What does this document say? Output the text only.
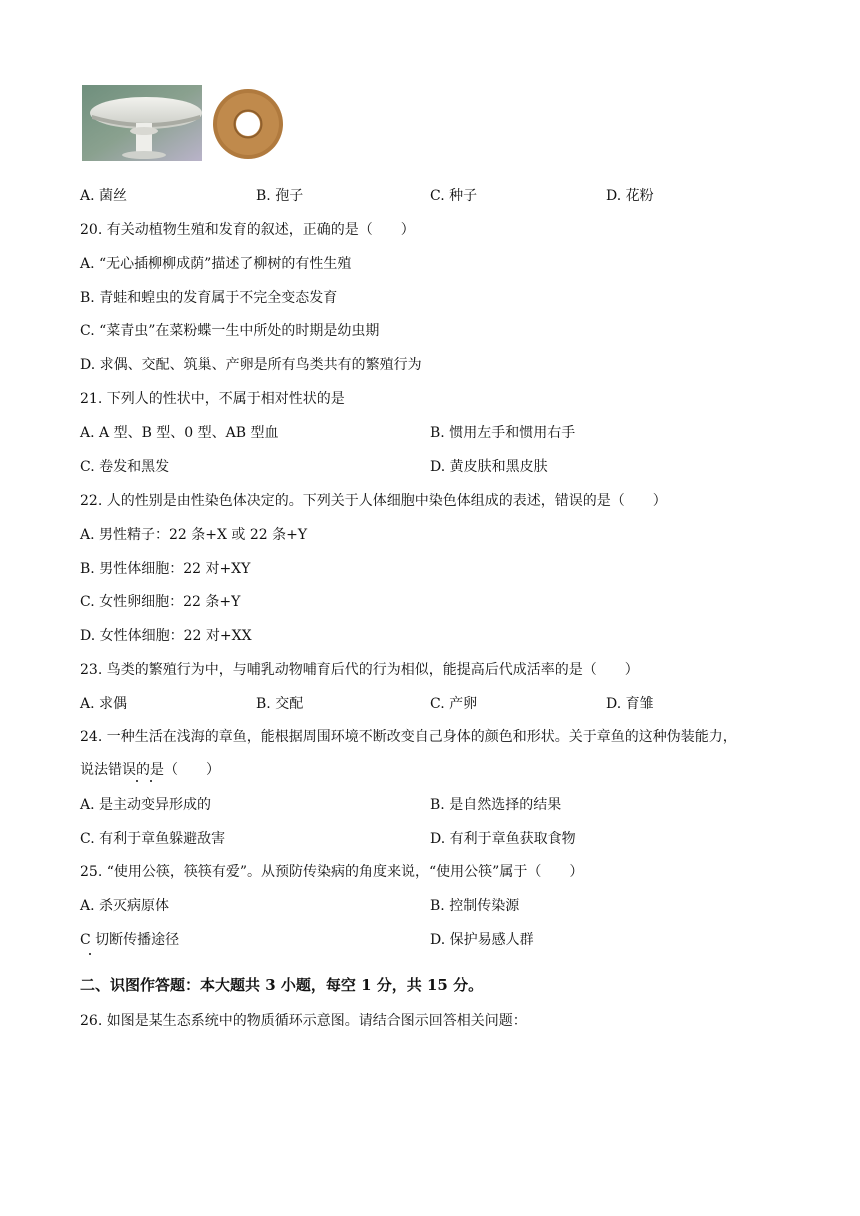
A. 菌丝	B. 孢子	C. 种子	D. 花粉
20. 有关动植物生殖和发育的叙述，正确的是（　　）
A. “无心插柳柳成荫”描述了柳树的有性生殖
B. 青蛙和蝗虫的发育属于不完全变态发育
C. “菜青虫”在菜粉蝶一生中所处的时期是幼虫期
D. 求偶、交配、筑巢、产卵是所有鸟类共有的繁殖行为
21. 下列人的性状中，不属于相对性状的是
A. A 型、B 型、0 型、AB 型血	B. 惯用左手和惯用右手
C. 卷发和黑发	D. 黄皮肤和黑皮肤
22. 人的性别是由性染色体决定的。下列关于人体细胞中染色体组成的表述，错误的是（　　）
A. 男性精子：22 条+X 或 22 条+Y
B. 男性体细胞：22 对+XY
C. 女性卵细胞：22 条+Y
D. 女性体细胞：22 对+XX
23. 鸟类的繁殖行为中，与哺乳动物哺育后代的行为相似，能提高后代成活率的是（　　）
A. 求偶	B. 交配	C. 产卵	D. 育雏
24. 一种生活在浅海的章鱼，能根据周围环境不断改变自己身体的颜色和形状。关于章鱼的这种伪装能力，
说法错误的是（　　）
A. 是主动变异形成的	B. 是自然选择的结果
C. 有利于章鱼躲避敌害	D. 有利于章鱼获取食物
25. “使用公筷，筷筷有爱”。从预防传染病的角度来说，“使用公筷”属于（　　）
A. 杀灭病原体	B. 控制传染源
C 切断传播途径	D. 保护易感人群
二、识图作答题：本大题共 3 小题，每空 1 分，共 15 分。
26. 如图是某生态系统中的物质循环示意图。请结合图示回答相关问题：
